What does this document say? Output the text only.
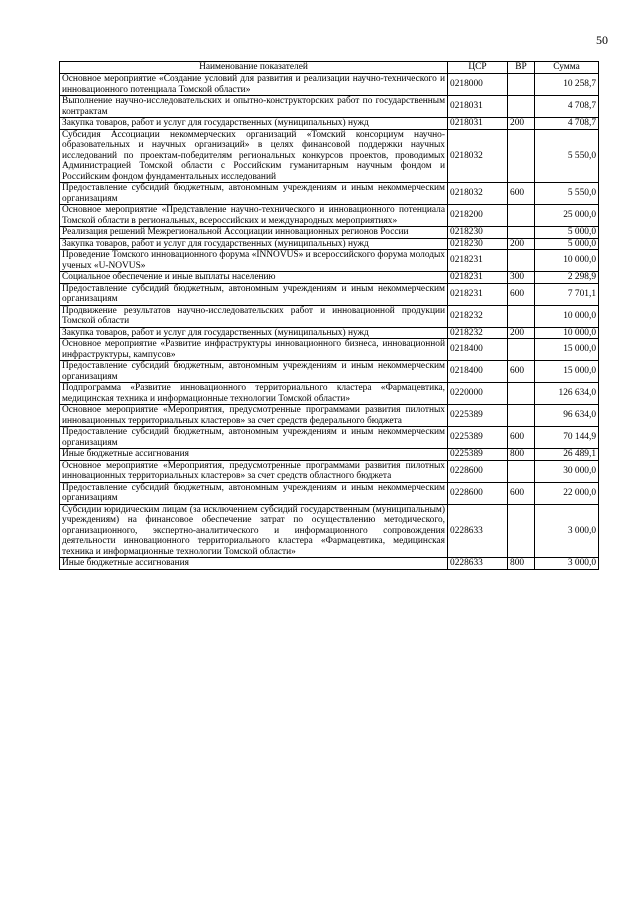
50
Наименование показателей	ЦСР	ВР	Сумма
Основное мероприятие «Создание условий для развития и реализации научно-технического и инновационного потенциала Томской области»	0218000		10 258,7
Выполнение научно-исследовательских и опытно-конструкторских работ по государственным контрактам	0218031		4 708,7
Закупка товаров, работ и услуг для государственных (муниципальных) нужд	0218031	200	4 708,7
Субсидия Ассоциации некоммерческих организаций «Томский консорциум научно-образовательных и научных организаций» в целях финансовой поддержки научных исследований по проектам-победителям региональных конкурсов проектов, проводимых Администрацией Томской области с Российским гуманитарным научным фондом и Российским фондом фундаментальных исследований	0218032		5 550,0
Предоставление субсидий бюджетным, автономным учреждениям и иным некоммерческим организациям	0218032	600	5 550,0
Основное мероприятие «Представление научно-технического и инновационного потенциала Томской области в региональных, всероссийских и международных мероприятиях»	0218200		25 000,0
Реализация решений Межрегиональной Ассоциации инновационных регионов России	0218230		5 000,0
Закупка товаров, работ и услуг для государственных (муниципальных) нужд	0218230	200	5 000,0
Проведение Томского инновационного форума «INNOVUS» и всероссийского форума молодых ученых «U-NOVUS»	0218231		10 000,0
Социальное обеспечение и иные выплаты населению	0218231	300	2 298,9
Предоставление субсидий бюджетным, автономным учреждениям и иным некоммерческим организациям	0218231	600	7 701,1
Продвижение результатов научно-исследовательских работ и инновационной продукции Томской области	0218232		10 000,0
Закупка товаров, работ и услуг для государственных (муниципальных) нужд	0218232	200	10 000,0
Основное мероприятие «Развитие инфраструктуры инновационного бизнеса, инновационной инфраструктуры, кампусов»	0218400		15 000,0
Предоставление субсидий бюджетным, автономным учреждениям и иным некоммерческим организациям	0218400	600	15 000,0
Подпрограмма «Развитие инновационного территориального кластера «Фармацевтика, медицинская техника и информационные технологии Томской области»	0220000		126 634,0
Основное мероприятие «Мероприятия, предусмотренные программами развития пилотных инновационных территориальных кластеров» за счет средств федерального бюджета	0225389		96 634,0
Предоставление субсидий бюджетным, автономным учреждениям и иным некоммерческим организациям	0225389	600	70 144,9
Иные бюджетные ассигнования	0225389	800	26 489,1
Основное мероприятие «Мероприятия, предусмотренные программами развития пилотных инновационных территориальных кластеров» за счет средств областного бюджета	0228600		30 000,0
Предоставление субсидий бюджетным, автономным учреждениям и иным некоммерческим организациям	0228600	600	22 000,0
Субсидии юридическим лицам (за исключением субсидий государственным (муниципальным) учреждениям) на финансовое обеспечение затрат по осуществлению методического, организационного, экспертно-аналитического и информационного сопровождения деятельности инновационного территориального кластера «Фармацевтика, медицинская техника и информационные технологии Томской области»	0228633		3 000,0
Иные бюджетные ассигнования	0228633	800	3 000,0
